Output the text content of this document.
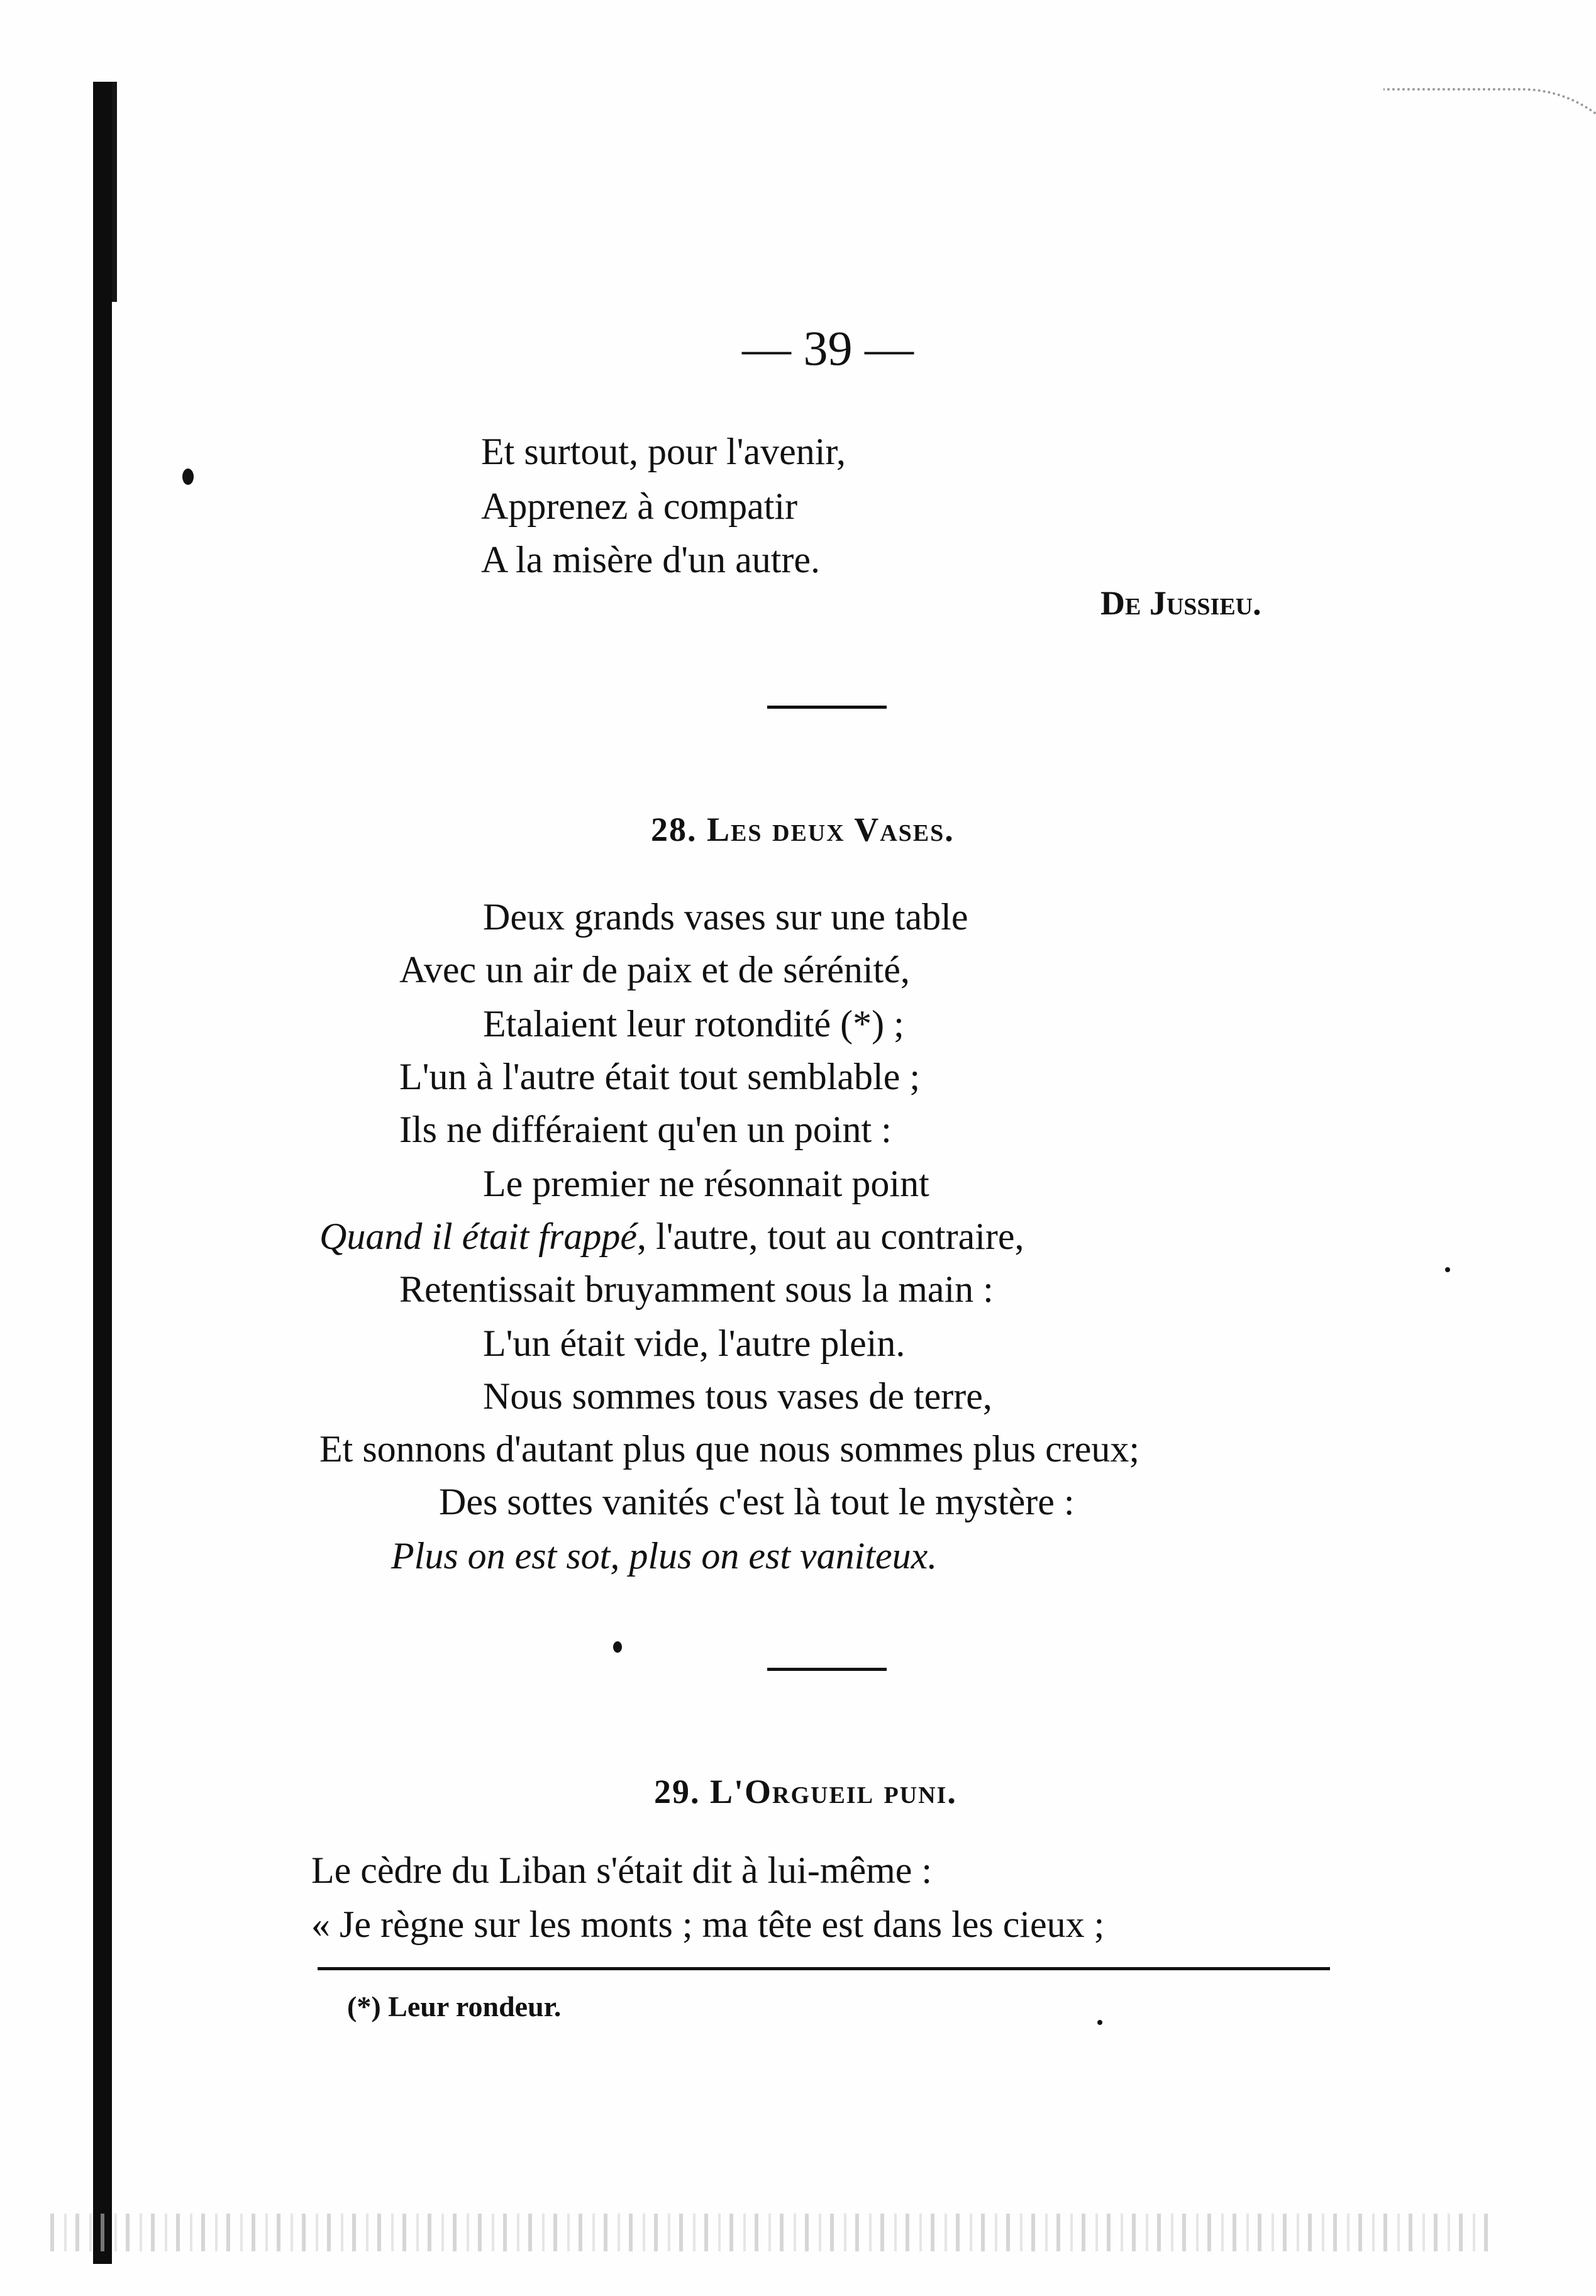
— 39 —
Et surtout, pour l'avenir,
Apprenez à compatir
A la misère d'un autre.
De Jussieu.
28. Les deux Vases.
Deux grands vases sur une table
Avec un air de paix et de sérénité,
Etalaient leur rotondité (*) ;
L'un à l'autre était tout semblable ;
Ils ne différaient qu'en un point :
Le premier ne résonnait point
Quand il était frappé, l'autre, tout au contraire,
Retentissait bruyamment sous la main :
L'un était vide, l'autre plein.
Nous sommes tous vases de terre,
Et sonnons d'autant plus que nous sommes plus creux;
Des sottes vanités c'est là tout le mystère :
Plus on est sot, plus on est vaniteux.
29. L'Orgueil puni.
Le cèdre du Liban s'était dit à lui-même :
« Je règne sur les monts ; ma tête est dans les cieux ;
(*) Leur rondeur.
